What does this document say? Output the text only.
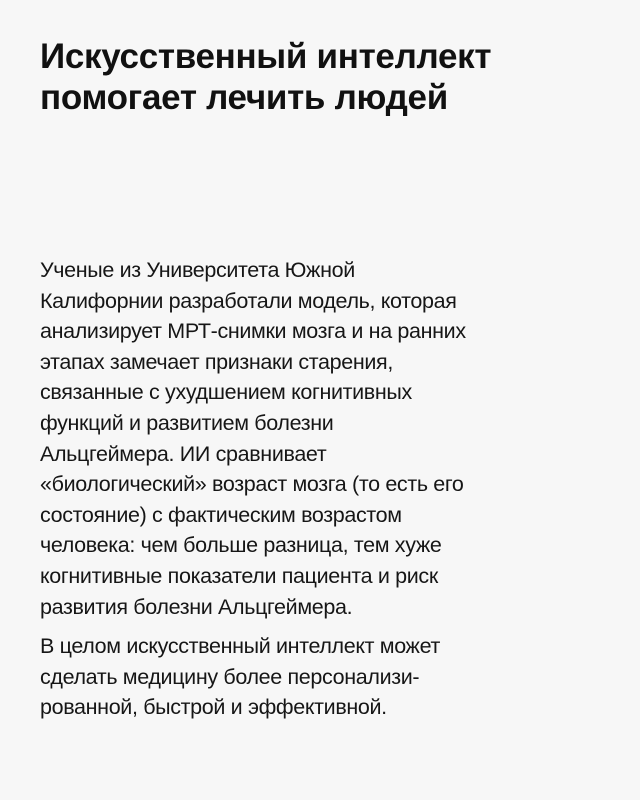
Искусственный интеллект
помогает лечить людей

Ученые из Университета Южной
Калифорнии разработали модель, которая
анализирует МРТ-снимки мозга и на ранних
этапах замечает признаки старения,
связанные с ухудшением когнитивных
функций и развитием болезни
Альцгеймера. ИИ сравнивает
«биологический» возраст мозга (то есть его
состояние) с фактическим возрастом
человека: чем больше разница, тем хуже
когнитивные показатели пациента и риск
развития болезни Альцгеймера.

В целом искусственный интеллект может
сделать медицину более персонализи-
рованной, быстрой и эффективной.
